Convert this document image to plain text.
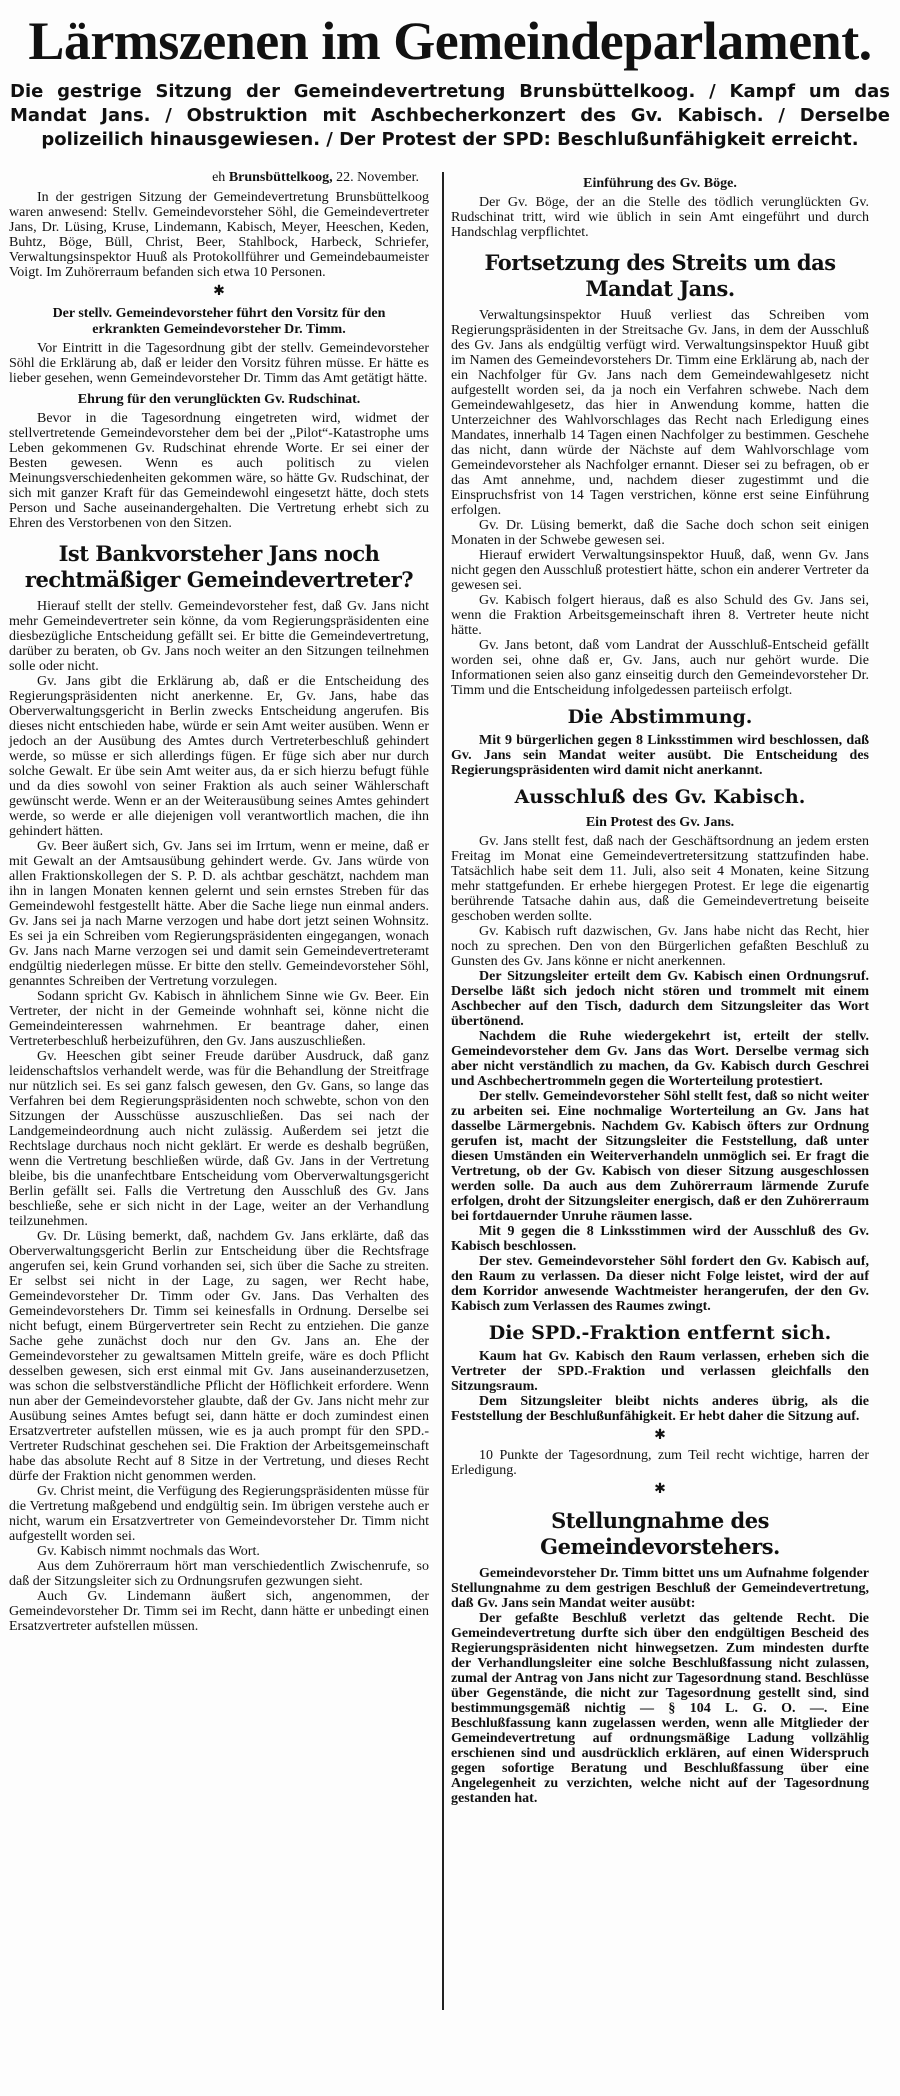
Lärmszenen im Gemeindeparlament.
Die gestrige Sitzung der Gemeindevertretung Brunsbüttelkoog. / Kampf um das Mandat Jans. / Obstruktion mit Aschbecherkonzert des Gv. Kabisch. / Derselbe polizeilich hinausgewiesen. / Der Protest der SPD: Beschlußunfähigkeit erreicht.
eh Brunsbüttelkoog, 22. November.
In der gestrigen Sitzung der Gemeindevertretung Brunsbüttelkoog waren anwesend: Stellv. Gemeindevorsteher Söhl, die Gemeindevertreter Jans, Dr. Lüsing, Kruse, Lindemann, Kabisch, Meyer, Heeschen, Keden, Buhtz, Böge, Büll, Christ, Beer, Stahlbock, Harbeck, Schriefer, Verwaltungsinspektor Huuß als Protokollführer und Gemeindebaumeister Voigt. Im Zuhörerraum befanden sich etwa 10 Personen.
✱
Der stellv. Gemeindevorsteher führt den Vorsitz für den erkrankten Gemeindevorsteher Dr. Timm.
Vor Eintritt in die Tagesordnung gibt der stellv. Gemeindevorsteher Söhl die Erklärung ab, daß er leider den Vorsitz führen müsse. Er hätte es lieber gesehen, wenn Gemeindevorsteher Dr. Timm das Amt getätigt hätte.
Ehrung für den verunglückten Gv. Rudschinat.
Bevor in die Tagesordnung eingetreten wird, widmet der stellvertretende Gemeindevorsteher dem bei der „Pilot“-Katastrophe ums Leben gekommenen Gv. Rudschinat ehrende Worte. Er sei einer der Besten gewesen. Wenn es auch politisch zu vielen Meinungsverschiedenheiten gekommen wäre, so hätte Gv. Rudschinat, der sich mit ganzer Kraft für das Gemeindewohl eingesetzt hätte, doch stets Person und Sache auseinandergehalten. Die Vertretung erhebt sich zu Ehren des Verstorbenen von den Sitzen.
Ist Bankvorsteher Jans noch rechtmäßiger Gemeindevertreter?
Hierauf stellt der stellv. Gemeindevorsteher fest, daß Gv. Jans nicht mehr Gemeindevertreter sein könne, da vom Regierungspräsidenten eine diesbezügliche Entscheidung gefällt sei. Er bitte die Gemeindevertretung, darüber zu beraten, ob Gv. Jans noch weiter an den Sitzungen teilnehmen solle oder nicht.
Gv. Jans gibt die Erklärung ab, daß er die Entscheidung des Regierungspräsidenten nicht anerkenne. Er, Gv. Jans, habe das Oberverwaltungsgericht in Berlin zwecks Entscheidung angerufen. Bis dieses nicht entschieden habe, würde er sein Amt weiter ausüben. Wenn er jedoch an der Ausübung des Amtes durch Vertreterbeschluß gehindert werde, so müsse er sich allerdings fügen. Er füge sich aber nur durch solche Gewalt. Er übe sein Amt weiter aus, da er sich hierzu befugt fühle und da dies sowohl von seiner Fraktion als auch seiner Wählerschaft gewünscht werde. Wenn er an der Weiterausübung seines Amtes gehindert werde, so werde er alle diejenigen voll verantwortlich machen, die ihn gehindert hätten.
Gv. Beer äußert sich, Gv. Jans sei im Irrtum, wenn er meine, daß er mit Gewalt an der Amtsausübung gehindert werde. Gv. Jans würde von allen Fraktionskollegen der S. P. D. als achtbar geschätzt, nachdem man ihn in langen Monaten kennen gelernt und sein ernstes Streben für das Gemeindewohl festgestellt hätte. Aber die Sache liege nun einmal anders. Gv. Jans sei ja nach Marne verzogen und habe dort jetzt seinen Wohnsitz. Es sei ja ein Schreiben vom Regierungspräsidenten eingegangen, wonach Gv. Jans nach Marne verzogen sei und damit sein Gemeindevertreteramt endgültig niederlegen müsse. Er bitte den stellv. Gemeindevorsteher Söhl, genanntes Schreiben der Vertretung vorzulegen.
Sodann spricht Gv. Kabisch in ähnlichem Sinne wie Gv. Beer. Ein Vertreter, der nicht in der Gemeinde wohnhaft sei, könne nicht die Gemeindeinteressen wahrnehmen. Er beantrage daher, einen Vertreterbeschluß herbeizuführen, den Gv. Jans auszuschließen.
Gv. Heeschen gibt seiner Freude darüber Ausdruck, daß ganz leidenschaftslos verhandelt werde, was für die Behandlung der Streitfrage nur nützlich sei. Es sei ganz falsch gewesen, den Gv. Gans, so lange das Verfahren bei dem Regierungspräsidenten noch schwebte, schon von den Sitzungen der Ausschüsse auszuschließen. Das sei nach der Landgemeindeordnung auch nicht zulässig. Außerdem sei jetzt die Rechtslage durchaus noch nicht geklärt. Er werde es deshalb begrüßen, wenn die Vertretung beschließen würde, daß Gv. Jans in der Vertretung bleibe, bis die unanfechtbare Entscheidung vom Oberverwaltungsgericht Berlin gefällt sei. Falls die Vertretung den Ausschluß des Gv. Jans beschließe, sehe er sich nicht in der Lage, weiter an der Verhandlung teilzunehmen.
Gv. Dr. Lüsing bemerkt, daß, nachdem Gv. Jans erklärte, daß das Oberverwaltungsgericht Berlin zur Entscheidung über die Rechtsfrage angerufen sei, kein Grund vorhanden sei, sich über die Sache zu streiten. Er selbst sei nicht in der Lage, zu sagen, wer Recht habe, Gemeindevorsteher Dr. Timm oder Gv. Jans. Das Verhalten des Gemeindevorstehers Dr. Timm sei keinesfalls in Ordnung. Derselbe sei nicht befugt, einem Bürgervertreter sein Recht zu entziehen. Die ganze Sache gehe zunächst doch nur den Gv. Jans an. Ehe der Gemeindevorsteher zu gewaltsamen Mitteln greife, wäre es doch Pflicht desselben gewesen, sich erst einmal mit Gv. Jans auseinanderzusetzen, was schon die selbstverständliche Pflicht der Höflichkeit erfordere. Wenn nun aber der Gemeindevorsteher glaubte, daß der Gv. Jans nicht mehr zur Ausübung seines Amtes befugt sei, dann hätte er doch zumindest einen Ersatzvertreter aufstellen müssen, wie es ja auch prompt für den SPD.-Vertreter Rudschinat geschehen sei. Die Fraktion der Arbeitsgemeinschaft habe das absolute Recht auf 8 Sitze in der Vertretung, und dieses Recht dürfe der Fraktion nicht genommen werden.
Gv. Christ meint, die Verfügung des Regierungspräsidenten müsse für die Vertretung maßgebend und endgültig sein. Im übrigen verstehe auch er nicht, warum ein Ersatzvertreter von Gemeindevorsteher Dr. Timm nicht aufgestellt worden sei.
Gv. Kabisch nimmt nochmals das Wort.
Aus dem Zuhörerraum hört man verschiedentlich Zwischenrufe, so daß der Sitzungsleiter sich zu Ordnungsrufen gezwungen sieht.
Auch Gv. Lindemann äußert sich, angenommen, der Gemeindevorsteher Dr. Timm sei im Recht, dann hätte er unbedingt einen Ersatzvertreter aufstellen müssen.
Einführung des Gv. Böge.
Der Gv. Böge, der an die Stelle des tödlich verunglückten Gv. Rudschinat tritt, wird wie üblich in sein Amt eingeführt und durch Handschlag verpflichtet.
Fortsetzung des Streits um das Mandat Jans.
Verwaltungsinspektor Huuß verliest das Schreiben vom Regierungspräsidenten in der Streitsache Gv. Jans, in dem der Ausschluß des Gv. Jans als endgültig verfügt wird. Verwaltungsinspektor Huuß gibt im Namen des Gemeindevorstehers Dr. Timm eine Erklärung ab, nach der ein Nachfolger für Gv. Jans nach dem Gemeindewahlgesetz nicht aufgestellt worden sei, da ja noch ein Verfahren schwebe. Nach dem Gemeindewahlgesetz, das hier in Anwendung komme, hatten die Unterzeichner des Wahlvorschlages das Recht nach Erledigung eines Mandates, innerhalb 14 Tagen einen Nachfolger zu bestimmen. Geschehe das nicht, dann würde der Nächste auf dem Wahlvorschlage vom Gemeindevorsteher als Nachfolger ernannt. Dieser sei zu befragen, ob er das Amt annehme, und, nachdem dieser zugestimmt und die Einspruchsfrist von 14 Tagen verstrichen, könne erst seine Einführung erfolgen.
Gv. Dr. Lüsing bemerkt, daß die Sache doch schon seit einigen Monaten in der Schwebe gewesen sei.
Hierauf erwidert Verwaltungsinspektor Huuß, daß, wenn Gv. Jans nicht gegen den Ausschluß protestiert hätte, schon ein anderer Vertreter da gewesen sei.
Gv. Kabisch folgert hieraus, daß es also Schuld des Gv. Jans sei, wenn die Fraktion Arbeitsgemeinschaft ihren 8. Vertreter heute nicht hätte.
Gv. Jans betont, daß vom Landrat der Ausschluß-Entscheid gefällt worden sei, ohne daß er, Gv. Jans, auch nur gehört wurde. Die Informationen seien also ganz einseitig durch den Gemeindevorsteher Dr. Timm und die Entscheidung infolgedessen parteiisch erfolgt.
Die Abstimmung.
Mit 9 bürgerlichen gegen 8 Linksstimmen wird beschlossen, daß Gv. Jans sein Mandat weiter ausübt. Die Entscheidung des Regierungspräsidenten wird damit nicht anerkannt.
Ausschluß des Gv. Kabisch.
Ein Protest des Gv. Jans.
Gv. Jans stellt fest, daß nach der Geschäftsordnung an jedem ersten Freitag im Monat eine Gemeindevertretersitzung stattzufinden habe. Tatsächlich habe seit dem 11. Juli, also seit 4 Monaten, keine Sitzung mehr stattgefunden. Er erhebe hiergegen Protest. Er lege die eigenartig berührende Tatsache dahin aus, daß die Gemeindevertretung beiseite geschoben werden sollte.
Gv. Kabisch ruft dazwischen, Gv. Jans habe nicht das Recht, hier noch zu sprechen. Den von den Bürgerlichen gefaßten Beschluß zu Gunsten des Gv. Jans könne er nicht anerkennen.
Der Sitzungsleiter erteilt dem Gv. Kabisch einen Ordnungsruf. Derselbe läßt sich jedoch nicht stören und trommelt mit einem Aschbecher auf den Tisch, dadurch dem Sitzungsleiter das Wort übertönend.
Nachdem die Ruhe wiedergekehrt ist, erteilt der stellv. Gemeindevorsteher dem Gv. Jans das Wort. Derselbe vermag sich aber nicht verständlich zu machen, da Gv. Kabisch durch Geschrei und Aschbechertrommeln gegen die Worterteilung protestiert.
Der stellv. Gemeindevorsteher Söhl stellt fest, daß so nicht weiter zu arbeiten sei. Eine nochmalige Worterteilung an Gv. Jans hat dasselbe Lärmergebnis. Nachdem Gv. Kabisch öfters zur Ordnung gerufen ist, macht der Sitzungsleiter die Feststellung, daß unter diesen Umständen ein Weiterverhandeln unmöglich sei. Er fragt die Vertretung, ob der Gv. Kabisch von dieser Sitzung ausgeschlossen werden solle. Da auch aus dem Zuhörerraum lärmende Zurufe erfolgen, droht der Sitzungsleiter energisch, daß er den Zuhörerraum bei fortdauernder Unruhe räumen lasse.
Mit 9 gegen die 8 Linksstimmen wird der Ausschluß des Gv. Kabisch beschlossen.
Der stev. Gemeindevorsteher Söhl fordert den Gv. Kabisch auf, den Raum zu verlassen. Da dieser nicht Folge leistet, wird der auf dem Korridor anwesende Wachtmeister herangerufen, der den Gv. Kabisch zum Verlassen des Raumes zwingt.
Die SPD.-Fraktion entfernt sich.
Kaum hat Gv. Kabisch den Raum verlassen, erheben sich die Vertreter der SPD.-Fraktion und verlassen gleichfalls den Sitzungsraum.
Dem Sitzungsleiter bleibt nichts anderes übrig, als die Feststellung der Beschlußunfähigkeit. Er hebt daher die Sitzung auf.
✱
10 Punkte der Tagesordnung, zum Teil recht wichtige, harren der Erledigung.
✱
Stellungnahme des Gemeindevorstehers.
Gemeindevorsteher Dr. Timm bittet uns um Aufnahme folgender Stellungnahme zu dem gestrigen Beschluß der Gemeindevertretung, daß Gv. Jans sein Mandat weiter ausübt:
Der gefaßte Beschluß verletzt das geltende Recht. Die Gemeindevertretung durfte sich über den endgültigen Bescheid des Regierungspräsidenten nicht hinwegsetzen. Zum mindesten durfte der Verhandlungsleiter eine solche Beschlußfassung nicht zulassen, zumal der Antrag von Jans nicht zur Tagesordnung stand. Beschlüsse über Gegenstände, die nicht zur Tagesordnung gestellt sind, sind bestimmungsgemäß nichtig — § 104 L. G. O. —. Eine Beschlußfassung kann zugelassen werden, wenn alle Mitglieder der Gemeindevertretung auf ordnungsmäßige Ladung vollzählig erschienen sind und ausdrücklich erklären, auf einen Widerspruch gegen sofortige Beratung und Beschlußfassung über eine Angelegenheit zu verzichten, welche nicht auf der Tagesordnung gestanden hat.
